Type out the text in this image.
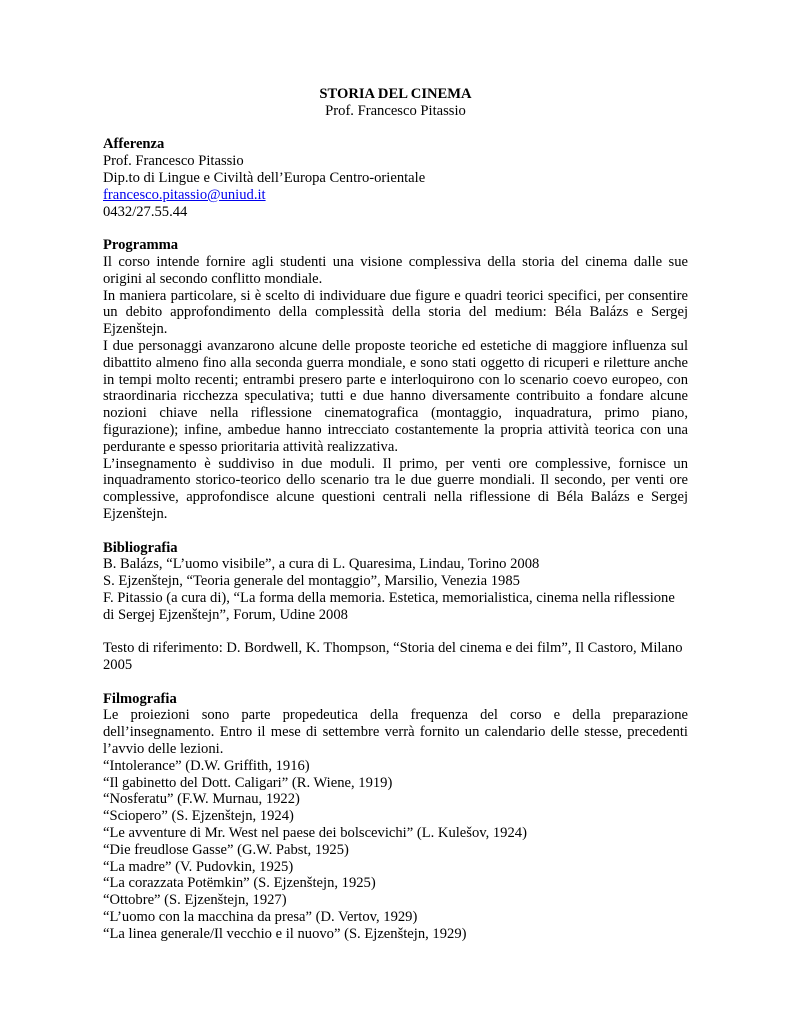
STORIA DEL CINEMA
Prof. Francesco Pitassio
Afferenza
Prof. Francesco Pitassio
Dip.to di Lingue e Civiltà dell’Europa Centro-orientale
francesco.pitassio@uniud.it
0432/27.55.44
Programma

Il corso intende fornire agli studenti una visione complessiva della storia del cinema dalle sue origini al secondo conflitto mondiale.

In maniera particolare, si è scelto di individuare due figure e quadri teorici specifici, per consentire un debito approfondimento della complessità della storia del medium: Béla Balázs e Sergej Ejzenštejn.

I due personaggi avanzarono alcune delle proposte teoriche ed estetiche di maggiore influenza sul dibattito almeno fino alla seconda guerra mondiale, e sono stati oggetto di ricuperi e riletture anche in tempi molto recenti; entrambi presero parte e interloquirono con lo scenario coevo europeo, con straordinaria ricchezza speculativa; tutti e due hanno diversamente contribuito a fondare alcune nozioni chiave nella riflessione cinematografica (montaggio, inquadratura, primo piano, figurazione); infine, ambedue hanno intrecciato costantemente la propria attività teorica con una perdurante e spesso prioritaria attività realizzativa.

L’insegnamento è suddiviso in due moduli. Il primo, per venti ore complessive, fornisce un inquadramento storico-teorico dello scenario tra le due guerre mondiali. Il secondo, per venti ore complessive, approfondisce alcune questioni centrali nella riflessione di Béla Balázs e Sergej Ejzenštejn.

Bibliografia
B. Balázs, “L’uomo visibile”, a cura di L. Quaresima, Lindau, Torino 2008
S. Ejzenštejn, “Teoria generale del montaggio”, Marsilio, Venezia 1985
F. Pitassio (a cura di), “La forma della memoria. Estetica, memorialistica, cinema nella riflessione di Sergej Ejzenštejn”, Forum, Udine 2008
Testo di riferimento: D. Bordwell, K. Thompson, “Storia del cinema e dei film”, Il Castoro, Milano 2005
Filmografia

Le proiezioni sono parte propedeutica della frequenza del corso e della preparazione dell’insegnamento. Entro il mese di settembre verrà fornito un calendario delle stesse, precedenti l’avvio delle lezioni.

“Intolerance” (D.W. Griffith, 1916)
“Il gabinetto del Dott. Caligari” (R. Wiene, 1919)
“Nosferatu” (F.W. Murnau, 1922)
“Sciopero” (S. Ejzenštejn, 1924)
“Le avventure di Mr. West nel paese dei bolscevichi” (L. Kulešov, 1924)
“Die freudlose Gasse” (G.W. Pabst, 1925)
“La madre” (V. Pudovkin, 1925)
“La corazzata Potëmkin” (S. Ejzenštejn, 1925)
“Ottobre” (S. Ejzenštejn, 1927)
“L’uomo con la macchina da presa” (D. Vertov, 1929)
“La linea generale/Il vecchio e il nuovo” (S. Ejzenštejn, 1929)
